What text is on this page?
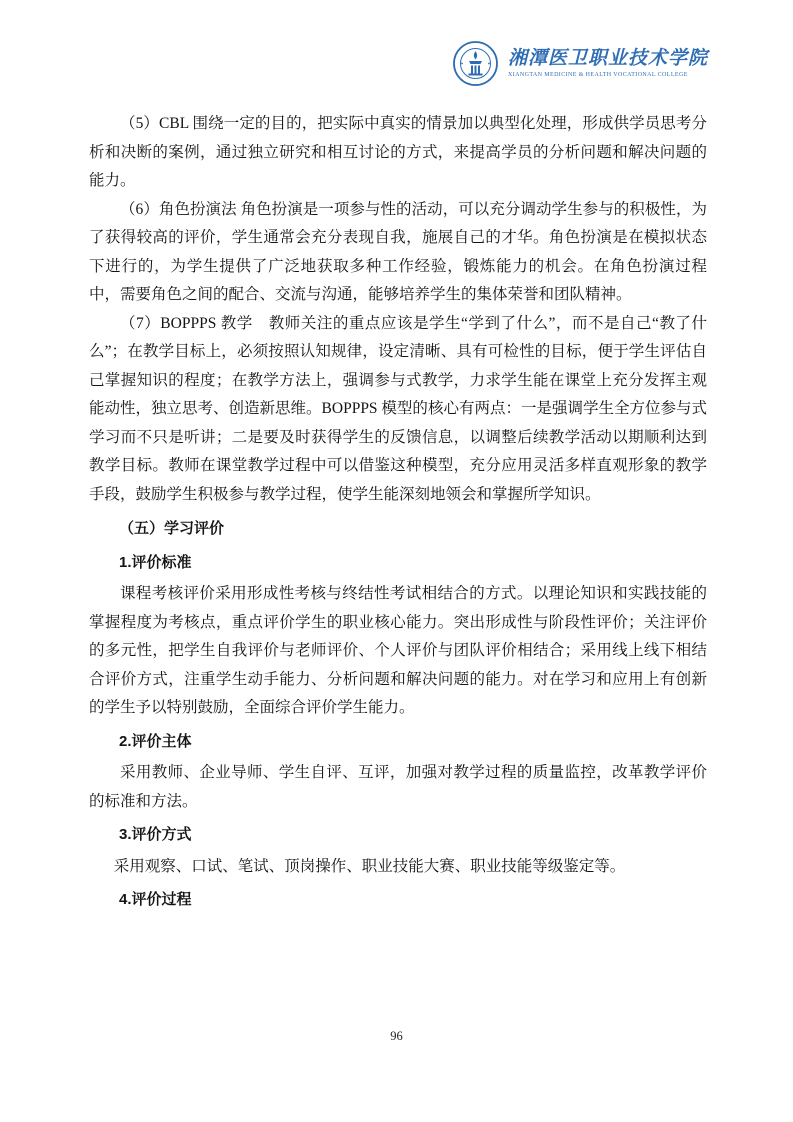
湘潭医卫职业技术学院
XIANGTAN MEDICINE & HEALTH VOCATIONAL COLLEGE

（5）CBL 围绕一定的目的，把实际中真实的情景加以典型化处理，形成供学员思考分析和决断的案例，通过独立研究和相互讨论的方式，来提高学员的分析问题和解决问题的能力。

（6）角色扮演法 角色扮演是一项参与性的活动，可以充分调动学生参与的积极性，为了获得较高的评价，学生通常会充分表现自我，施展自己的才华。角色扮演是在模拟状态下进行的，为学生提供了广泛地获取多种工作经验，锻炼能力的机会。在角色扮演过程中，需要角色之间的配合、交流与沟通，能够培养学生的集体荣誉和团队精神。

（7）BOPPPS 教学　教师关注的重点应该是学生“学到了什么”，而不是自己“教了什么”；在教学目标上，必须按照认知规律，设定清晰、具有可检性的目标，便于学生评估自己掌握知识的程度；在教学方法上，强调参与式教学，力求学生能在课堂上充分发挥主观能动性，独立思考、创造新思维。BOPPPS 模型的核心有两点：一是强调学生全方位参与式学习而不只是听讲；二是要及时获得学生的反馈信息，以调整后续教学活动以期顺利达到教学目标。教师在课堂教学过程中可以借鉴这种模型，充分应用灵活多样直观形象的教学手段，鼓励学生积极参与教学过程，使学生能深刻地领会和掌握所学知识。

（五）学习评价

1.评价标准

课程考核评价采用形成性考核与终结性考试相结合的方式。以理论知识和实践技能的掌握程度为考核点，重点评价学生的职业核心能力。突出形成性与阶段性评价；关注评价的多元性，把学生自我评价与老师评价、个人评价与团队评价相结合；采用线上线下相结合评价方式，注重学生动手能力、分析问题和解决问题的能力。对在学习和应用上有创新的学生予以特别鼓励，全面综合评价学生能力。

2.评价主体

采用教师、企业导师、学生自评、互评，加强对教学过程的质量监控，改革教学评价的标准和方法。

3.评价方式

采用观察、口试、笔试、顶岗操作、职业技能大赛、职业技能等级鉴定等。

4.评价过程

96
